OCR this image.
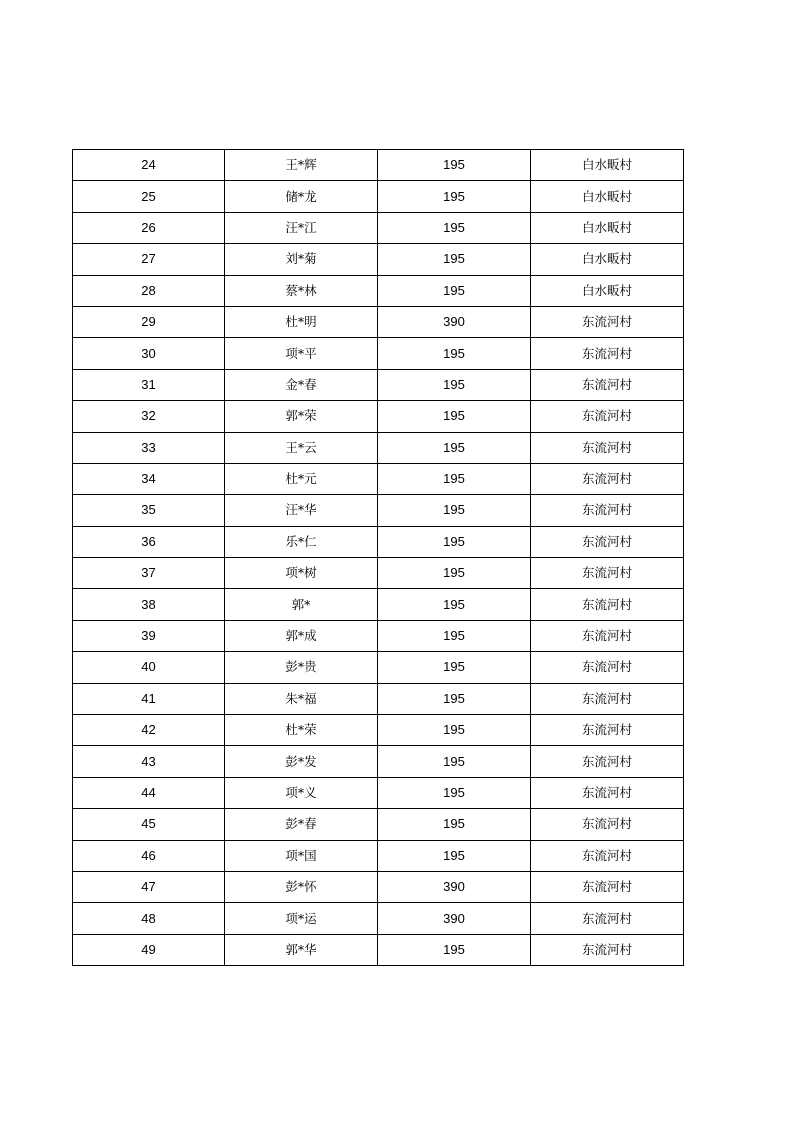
24	王*辉	195	白水畈村
25	储*龙	195	白水畈村
26	汪*江	195	白水畈村
27	刘*菊	195	白水畈村
28	蔡*林	195	白水畈村
29	杜*明	390	东流河村
30	项*平	195	东流河村
31	金*春	195	东流河村
32	郭*荣	195	东流河村
33	王*云	195	东流河村
34	杜*元	195	东流河村
35	汪*华	195	东流河村
36	乐*仁	195	东流河村
37	项*树	195	东流河村
38	郭*	195	东流河村
39	郭*成	195	东流河村
40	彭*贵	195	东流河村
41	朱*福	195	东流河村
42	杜*荣	195	东流河村
43	彭*发	195	东流河村
44	项*义	195	东流河村
45	彭*春	195	东流河村
46	项*国	195	东流河村
47	彭*怀	390	东流河村
48	项*运	390	东流河村
49	郭*华	195	东流河村
